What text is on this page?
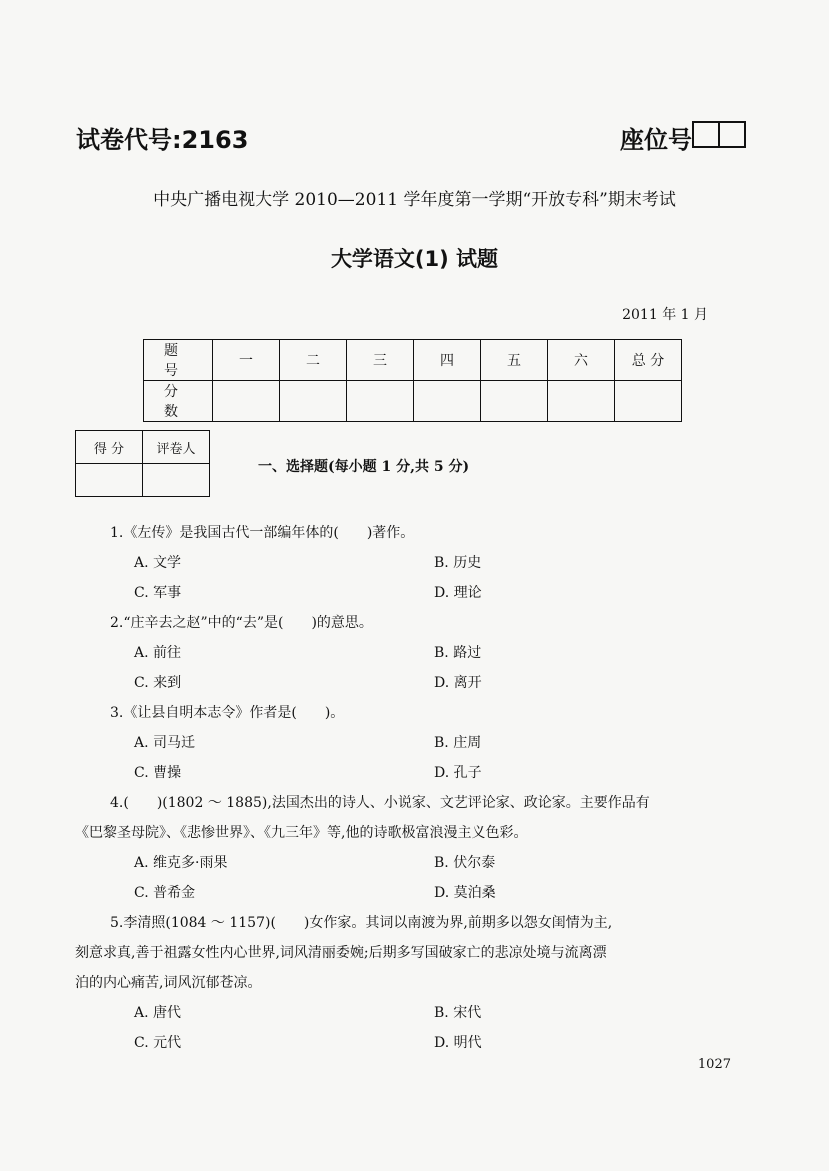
试卷代号:2163	座位号
中央广播电视大学 2010—2011 学年度第一学期“开放专科”期末考试
大学语文(1) 试题
2011 年 1 月
题 号	一	二	三	四	五	六	总 分
分 数							
得 分	评卷人

一、选择题(每小题 1 分,共 5 分)
1.《左传》是我国古代一部编年体的(　　)著作。
A. 文学	B. 历史
C. 军事	D. 理论
2.“庄辛去之赵”中的“去”是(　　)的意思。
A. 前往	B. 路过
C. 来到	D. 离开
3.《让县自明本志令》作者是(　　)。
A. 司马迁	B. 庄周
C. 曹操	D. 孔子
4.(　　)(1802 ～ 1885),法国杰出的诗人、小说家、文艺评论家、政论家。主要作品有
《巴黎圣母院》、《悲惨世界》、《九三年》等,他的诗歌极富浪漫主义色彩。
A. 维克多·雨果	B. 伏尔泰
C. 普希金	D. 莫泊桑
5.李清照(1084 ～ 1157)(　　)女作家。其词以南渡为界,前期多以怨女闺情为主,
刻意求真,善于祖露女性内心世界,词风清丽委婉;后期多写国破家亡的悲凉处境与流离漂
泊的内心痛苦,词风沉郁苍凉。
A. 唐代	B. 宋代
C. 元代	D. 明代
1027
